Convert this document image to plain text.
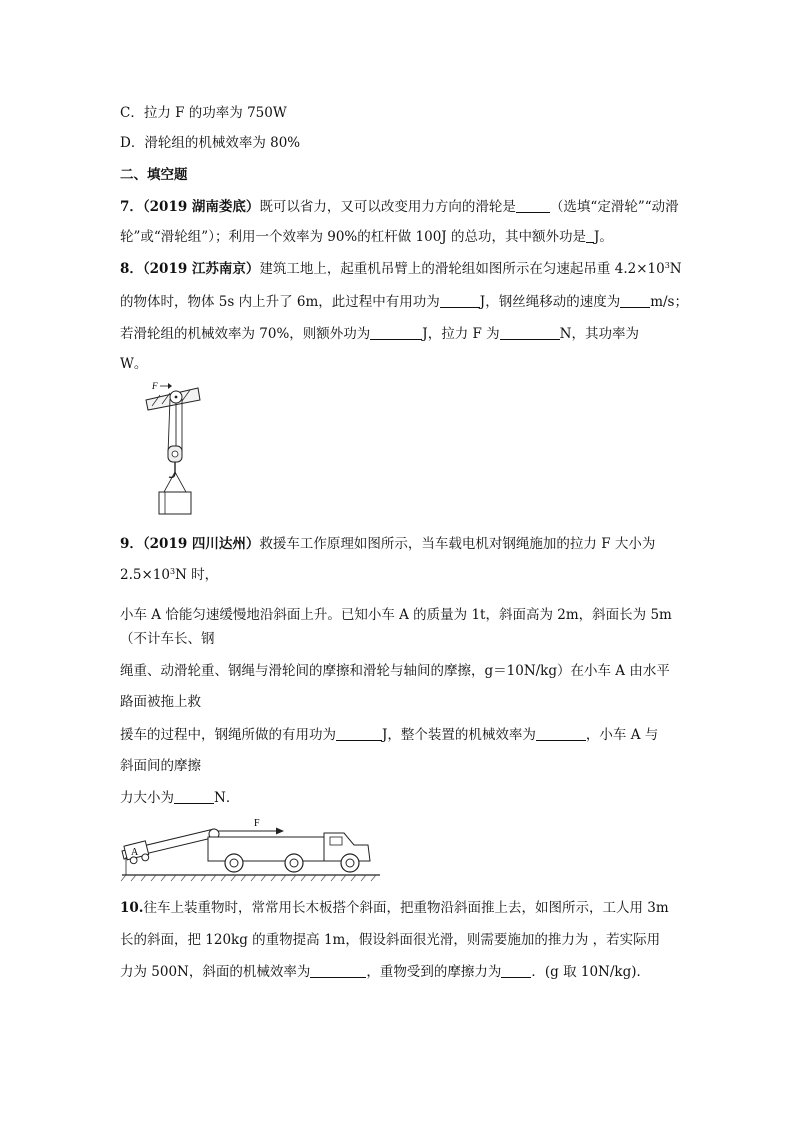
C．拉力 F 的功率为 750W
D．滑轮组的机械效率为 80%
二、填空题
7．（2019 湖南娄底）既可以省力，又可以改变用力方向的滑轮是	（选填“定滑轮”“动滑
轮”或“滑轮组”）；利用一个效率为 90%的杠杆做 100J 的总功，其中额外功是 J。
8．（2019 江苏南京）建筑工地上，起重机吊臂上的滑轮组如图所示在匀速起吊重 $4.2\times 10^3N$
的物体时，物体 5s 内上升了 6m，此过程中有用功为	J，钢丝绳移动的速度为 m/s；
若滑轮组的机械效率为 70%，则额外功为	J，拉力 F 为	N，其功率为
W。
F
9．（2019 四川达州）救援车工作原理如图所示，当车载电机对钢绳施加的拉力 F 大小为
$2.5\times 10^3N$ 时，
小车 A 恰能匀速缓慢地沿斜面上升。已知小车 A 的质量为 1t，斜面高为 2m，斜面长为 5m
（不计车长、钢
绳重、动滑轮重、钢绳与滑轮间的摩擦和滑轮与轴间的摩擦，g＝10N/kg）在小车 A 由水平
路面被拖上救
援车的过程中，钢绳所做的有用功为	J，整个装置的机械效率为	，小车 A 与
斜面间的摩擦
力大小为	N．
A
F
10.往车上装重物时，常常用长木板搭个斜面，把重物沿斜面推上去，如图所示，工人用 3m
长的斜面，把 120kg 的重物提高 1m，假设斜面很光滑，则需要施加的推力为 ，若实际用
力为 500N，斜面的机械效率为	，重物受到的摩擦力为 ．(g 取 10N/kg)．
